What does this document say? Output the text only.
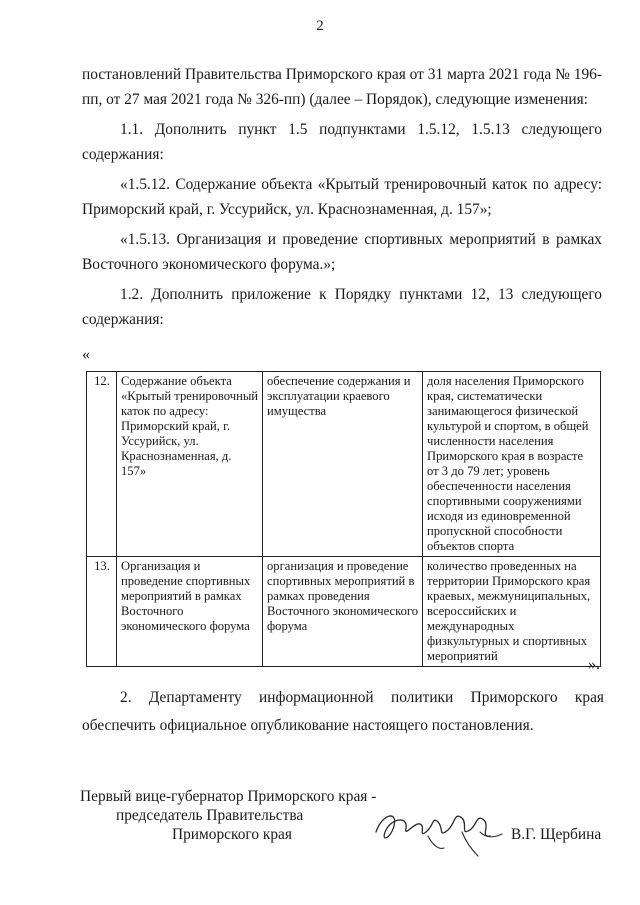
2

постановлений Правительства Приморского края от 31 марта 2021 года № 196-пп, от 27 мая 2021 года № 326-пп) (далее – Порядок), следующие изменения:

1.1. Дополнить пункт 1.5 подпунктами 1.5.12, 1.5.13 следующего содержания:

«1.5.12. Содержание объекта «Крытый тренировочный каток по адресу: Приморский край, г. Уссурийск, ул. Краснознаменная, д. 157»;

«1.5.13. Организация и проведение спортивных мероприятий в рамках Восточного экономического форума.»;

1.2. Дополнить приложение к Порядку пунктами 12, 13 следующего содержания:

«
12.	Содержание объекта «Крытый тренировочный каток по адресу: Приморский край, г. Уссурийск, ул. Краснознаменная, д. 157»	обеспечение содержания и эксплуатации краевого имущества	доля населения Приморского края, систематически занимающегося физической культурой и спортом, в общей численности населения Приморского края в возрасте от 3 до 79 лет; уровень обеспеченности населения спортивными сооружениями исходя из единовременной пропускной способности объектов спорта
13.	Организация и проведение спортивных мероприятий в рамках Восточного экономического форума	организация и проведение спортивных мероприятий в рамках проведения Восточного экономического форума	количество проведенных на территории Приморского края краевых, межмуниципальных, всероссийских и международных физкультурных и спортивных мероприятий	».
2. Департаменту информационной политики Приморского края обеспечить официальное опубликование настоящего постановления.
Первый вице-губернатор Приморского края -
председатель Правительства
Приморского края	В.Г. Щербина
